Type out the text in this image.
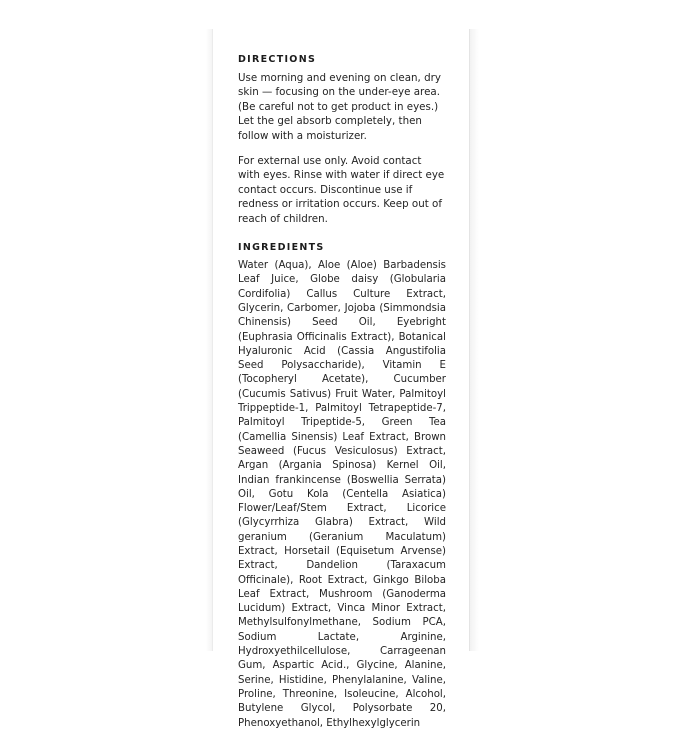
DIRECTIONS
Use morning and evening on clean, dry skin — focusing on the under-eye area. (Be careful not to get product in eyes.) Let the gel absorb completely, then follow with a moisturizer.
For external use only. Avoid contact with eyes. Rinse with water if direct eye contact occurs. Discontinue use if redness or irritation occurs. Keep out of reach of children.
INGREDIENTS
Water (Aqua), Aloe (Aloe) Barbadensis Leaf Juice, Globe daisy (Globularia Cordifolia) Callus Culture Extract, Glycerin, Carbomer, Jojoba (Simmondsia Chinensis) Seed Oil, Eyebright (Euphrasia Officinalis Extract), Botanical Hyaluronic Acid (Cassia Angustifolia Seed Polysaccharide), Vitamin E (Tocopheryl Acetate), Cucumber (Cucumis Sativus) Fruit Water, Palmitoyl Trippeptide-1, Palmitoyl Tetrapeptide-7, Palmitoyl Tripeptide-5, Green Tea (Camellia Sinensis) Leaf Extract, Brown Seaweed (Fucus Vesiculosus) Extract, Argan (Argania Spinosa) Kernel Oil, Indian frankincense (Boswellia Serrata) Oil, Gotu Kola (Centella Asiatica) Flower/Leaf/Stem Extract, Licorice (Glycyrrhiza Glabra) Extract, Wild geranium (Geranium Maculatum) Extract, Horsetail (Equisetum Arvense) Extract, Dandelion (Taraxacum Officinale), Root Extract, Ginkgo Biloba Leaf Extract, Mushroom (Ganoderma Lucidum) Extract, Vinca Minor Extract, Methylsulfonylmethane, Sodium PCA, Sodium Lactate, Arginine, Hydroxyethilcellulose, Carrageenan Gum, Aspartic Acid., Glycine, Alanine, Serine, Histidine, Phenylalanine, Valine, Proline, Threonine, Isoleucine, Alcohol, Butylene Glycol, Polysorbate 20, Phenoxyethanol, Ethylhexylglycerin
